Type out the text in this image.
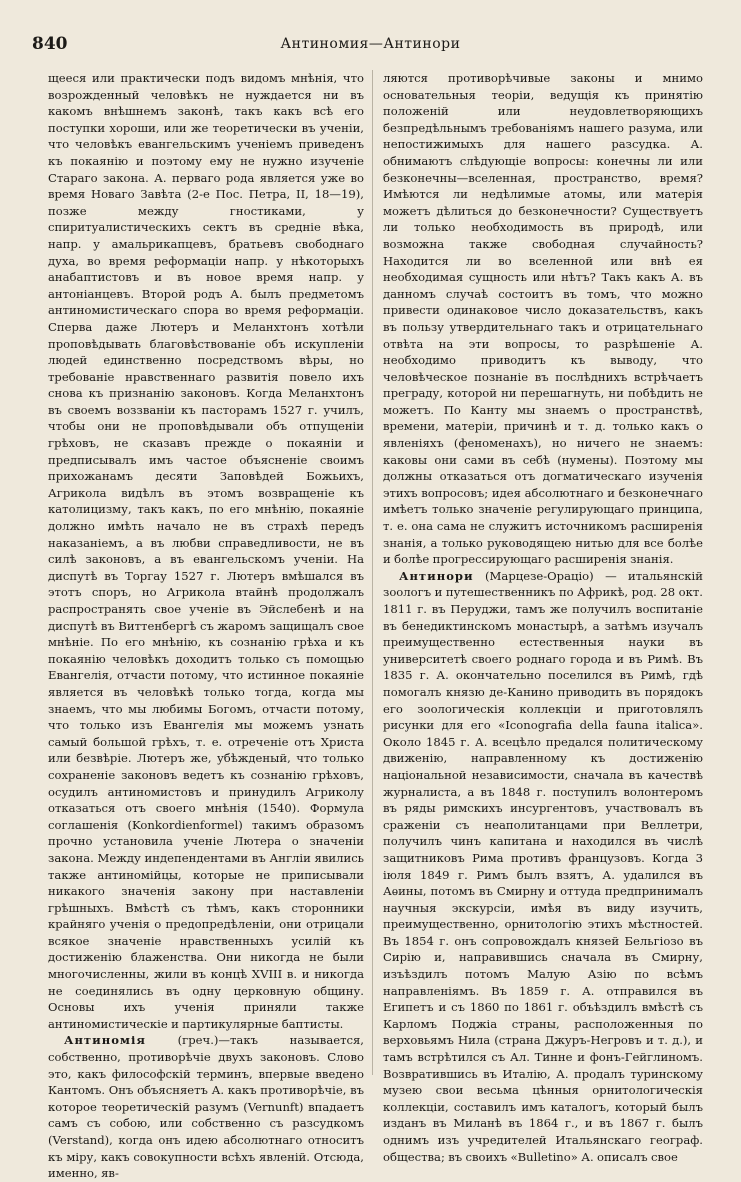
840	Антиномия—Антинори

щееся или практически подъ видомъ мнѣнія, что возрожденный человѣкъ не нуждается ни въ какомъ внѣшнемъ законѣ, такъ какъ всѣ его поступки хороши, или же теоретически въ ученіи, что человѣкъ евангельскимъ ученіемъ приведенъ къ покаянію и поэтому ему не нужно изученіе Стараго закона. А. перваго рода является уже во время Новаго Завѣта (2-е Пос. Петра, II, 18—19), позже между гностиками, у спиритуалистическихъ сектъ въ средніе вѣка, напр. у амальрикапцевъ, братьевъ свободнаго духа, во время реформаціи напр. у нѣкоторыхъ анабаптистовъ и въ новое время напр. у антоніанцевъ. Второй родъ А. былъ предметомъ антиномистическаго спора во время реформаціи. Сперва даже Лютеръ и Меланхтонъ хотѣли проповѣдывать благовѣствованіе объ искупленіи людей единственно посредствомъ вѣры, но требованіе нравственнаго развитія повело ихъ снова къ признанію законовъ. Когда Меланхтонъ въ своемъ воззваніи къ пасторамъ 1527 г. училъ, чтобы они не проповѣдывали объ отпущеніи грѣховъ, не сказавъ прежде о покаяніи и предписывалъ имъ частое объясненіе своимъ прихожанамъ десяти Заповѣдей Божьихъ, Агрикола видѣлъ въ этомъ возвращеніе къ католицизму, такъ какъ, по его мнѣнію, покаяніе должно имѣть начало не въ страхѣ передъ наказаніемъ, а въ любви справедливости, не въ силѣ законовъ, а въ евангельскомъ ученіи. На диспутѣ въ Торгау 1527 г. Лютеръ вмѣшался въ этотъ споръ, но Агрикола втайнѣ продолжалъ распространять свое ученіе въ Эйслебенѣ и на диспутѣ въ Виттенбергѣ съ жаромъ защищалъ свое мнѣніе. По его мнѣнію, къ сознанію грѣха и къ покаянію человѣкъ доходитъ только съ помощью Евангелія, отчасти потому, что истинное покаяніе является въ человѣкѣ только тогда, когда мы знаемъ, что мы любимы Богомъ, отчасти потому, что только изъ Евангелія мы можемъ узнать самый большой грѣхъ, т. е. отреченіе отъ Христа или безвѣріе. Лютеръ же, убѣжденый, что только сохраненіе законовъ ведетъ къ сознанію грѣховъ, осудилъ антиномистовъ и принудилъ Агриколу отказаться отъ своего мнѣнія (1540). Формула соглашенія (Konkordienformel) такимъ образомъ прочно установила ученіе Лютера о значеніи закона. Между индепендентами въ Англіи явились также антиномійцы, которые не приписывали никакого значенія закону при наставленіи грѣшныхъ. Вмѣстѣ съ тѣмъ, какъ сторонники крайняго ученія о предопредѣленіи, они отрицали всякое значеніе нравственныхъ усилій къ достиженію блаженства. Они никогда не были многочисленны, жили въ концѣ XVIII в. и никогда не соединялись въ одну церковную общину. Основы ихъ ученія приняли также антиномистическіе и партикулярные баптисты.

Антиномія (греч.)—такъ называется, собственно, противорѣчіе двухъ законовъ. Слово это, какъ философскій терминъ, впервые введено Кантомъ. Онъ объясняетъ А. какъ противорѣчіе, въ которое теоретическій разумъ (Vernunft) впадаетъ самъ съ собою, или собственно съ разсудкомъ (Verstand), когда онъ идею абсолютнаго относитъ къ міру, какъ совокупности всѣхъ явленій. Отсюда, именно, яв-

ляются противорѣчивые законы и мнимо основательныя теоріи, ведущія къ принятію положеній или неудовлетворяющихъ безпредѣльнымъ требованіямъ нашего разума, или непостижимыхъ для нашего разсудка. А. обнимаютъ слѣдующіе вопросы: конечны ли или безконечны—вселенная, пространство, время? Имѣются ли недѣлимые атомы, или матерія можетъ дѣлиться до безконечности? Существуетъ ли только необходимость въ природѣ, или возможна также свободная случайность? Находится ли во вселенной или внѣ ея необходимая сущность или нѣтъ? Такъ какъ А. въ данномъ случаѣ состоитъ въ томъ, что можно привести одинаковое число доказательствъ, какъ въ пользу утвердительнаго такъ и отрицательнаго отвѣта на эти вопросы, то разрѣшеніе А. необходимо приводитъ къ выводу, что человѣческое познаніе въ послѣднихъ встрѣчаетъ преграду, которой ни перешагнуть, ни побѣдить не можетъ. По Канту мы знаемъ о пространствѣ, времени, матеріи, причинѣ и т. д. только какъ о явленіяхъ (феноменахъ), но ничего не знаемъ: каковы они сами въ себѣ (нумены). Поэтому мы должны отказаться отъ догматическаго изученія этихъ вопросовъ; идея абсолютнаго и безконечнаго имѣетъ только значеніе регулирующаго принципа, т. е. она сама не служитъ источникомъ расширенія знанія, а только руководящею нитью для все болѣе и болѣе прогрессирующаго расширенія знанія.

Антинори (Марцезе-Орацiо) — итальянскій зоологъ и путешественникъ по Африкѣ, род. 28 окт. 1811 г. въ Перуджи, тамъ же получилъ воспитаніе въ бенедиктинскомъ монастырѣ, а затѣмъ изучалъ преимущественно естественныя науки въ университетѣ своего роднаго города и въ Римѣ. Въ 1835 г. А. окончательно поселился въ Римѣ, гдѣ помогалъ князю де-Канино приводить въ порядокъ его зоологическія коллекціи и приготовлялъ рисунки для его «Iconografia della fauna italica». Около 1845 г. А. всецѣло предался политическому движенію, направленному къ достиженію національной независимости, сначала въ качествѣ журналиста, а въ 1848 г. поступилъ волонтеромъ въ ряды римскихъ инсургентовъ, участвовалъ въ сраженіи съ неаполитанцами при Веллетри, получилъ чинъ капитана и находился въ числѣ защитниковъ Рима противъ французовъ. Когда 3 іюля 1849 г. Римъ былъ взятъ, А. удалился въ Аѳины, потомъ въ Смирну и оттуда предпринималъ научныя экскурсіи, имѣя въ виду изучить, преимущественно, орнитологію этихъ мѣстностей. Въ 1854 г. онъ сопровождалъ князей Бельгіозо въ Сирію и, направившись сначала въ Смирну, изъѣздилъ потомъ Малую Азію по всѣмъ направленіямъ. Въ 1859 г. А. отправился въ Египетъ и съ 1860 по 1861 г. объѣздилъ вмѣстѣ съ Карломъ Поджіа страны, расположенныя по верховьямъ Нила (страна Джуръ-Негровъ и т. д.), и тамъ встрѣтился съ Ал. Тинне и фонъ-Гейглиномъ. Возвратившись въ Италію, А. продалъ туринскому музею свои весьма цѣнныя орнитологическія коллекціи, составилъ имъ каталогъ, который былъ изданъ въ Миланѣ въ 1864 г., и въ 1867 г. былъ однимъ изъ учредителей Итальянскаго географ. общества; въ своихъ «Bulletino» А. описалъ свое
